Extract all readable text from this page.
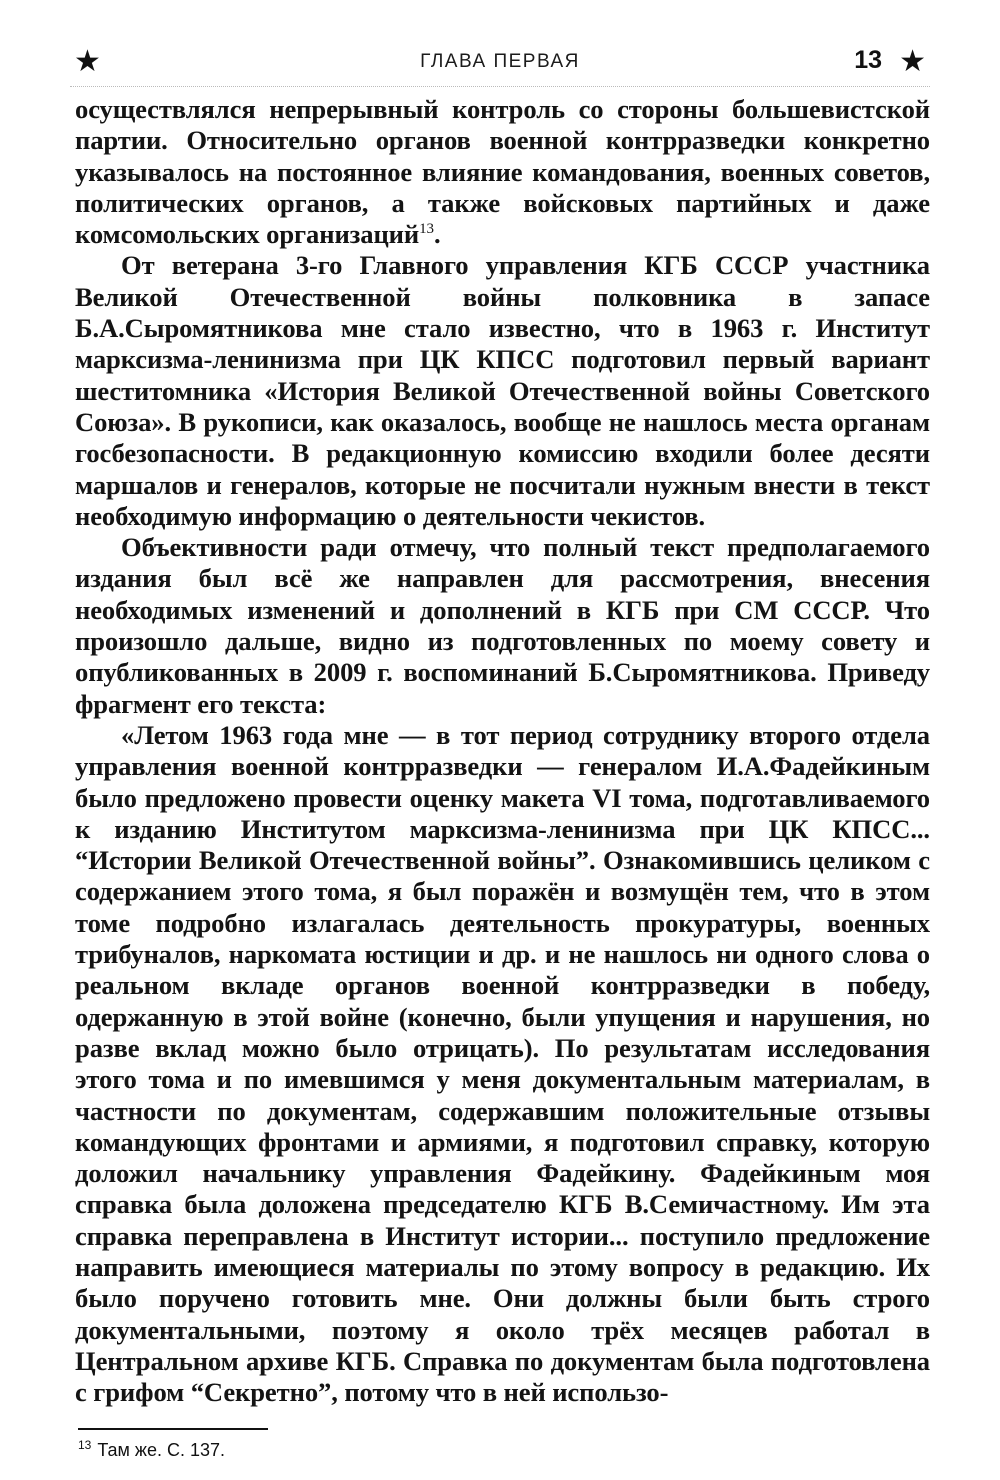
★	ГЛАВА ПЕРВАЯ	13 ★

осуществлялся непрерывный контроль со стороны большевистской партии. Относительно органов военной контрразведки конкретно указывалось на постоянное влияние командования, военных советов, политических органов, а также войсковых партийных и даже комсомольских организаций$^{13}$.

От ветерана 3-го Главного управления КГБ СССР участника Великой Отечественной войны полковника в запасе Б.А.Сыромятникова мне стало известно, что в 1963 г. Институт марксизма-ленинизма при ЦК КПСС подготовил первый вариант шеститомника «История Великой Отечественной войны Советского Союза». В рукописи, как оказалось, вообще не нашлось места органам госбезопасности. В редакционную комиссию входили более десяти маршалов и генералов, которые не посчитали нужным внести в текст необходимую информацию о деятельности чекистов.

Объективности ради отмечу, что полный текст предполагаемого издания был всё же направлен для рассмотрения, внесения необходимых изменений и дополнений в КГБ при СМ СССР. Что произошло дальше, видно из подготовленных по моему совету и опубликованных в 2009 г. воспоминаний Б.Сыромятникова. Приведу фрагмент его текста:

«Летом 1963 года мне — в тот период сотруднику второго отдела управления военной контрразведки — генералом И.А.Фадейкиным было предложено провести оценку макета VI тома, подготавливаемого к изданию Институтом марксизма-ленинизма при ЦК КПСС... “Истории Великой Отечественной войны”. Ознакомившись целиком с содержанием этого тома, я был поражён и возмущён тем, что в этом томе подробно излагалась деятельность прокуратуры, военных трибуналов, наркомата юстиции и др. и не нашлось ни одного слова о реальном вкладе органов военной контрразведки в победу, одержанную в этой войне (конечно, были упущения и нарушения, но разве вклад можно было отрицать). По результатам исследования этого тома и по имевшимся у меня документальным материалам, в частности по документам, содержавшим положительные отзывы командующих фронтами и армиями, я подготовил справку, которую доложил начальнику управления Фадейкину. Фадейкиным моя справка была доложена председателю КГБ В.Семичастному. Им эта справка переправлена в Институт истории... поступило предложение направить имеющиеся материалы по этому вопросу в редакцию. Их было поручено готовить мне. Они должны были быть строго документальными, поэтому я около трёх месяцев работал в Центральном архиве КГБ. Справка по документам была подготовлена с грифом “Секретно”, потому что в ней использо-

$^{13}$ Там же. С. 137.
